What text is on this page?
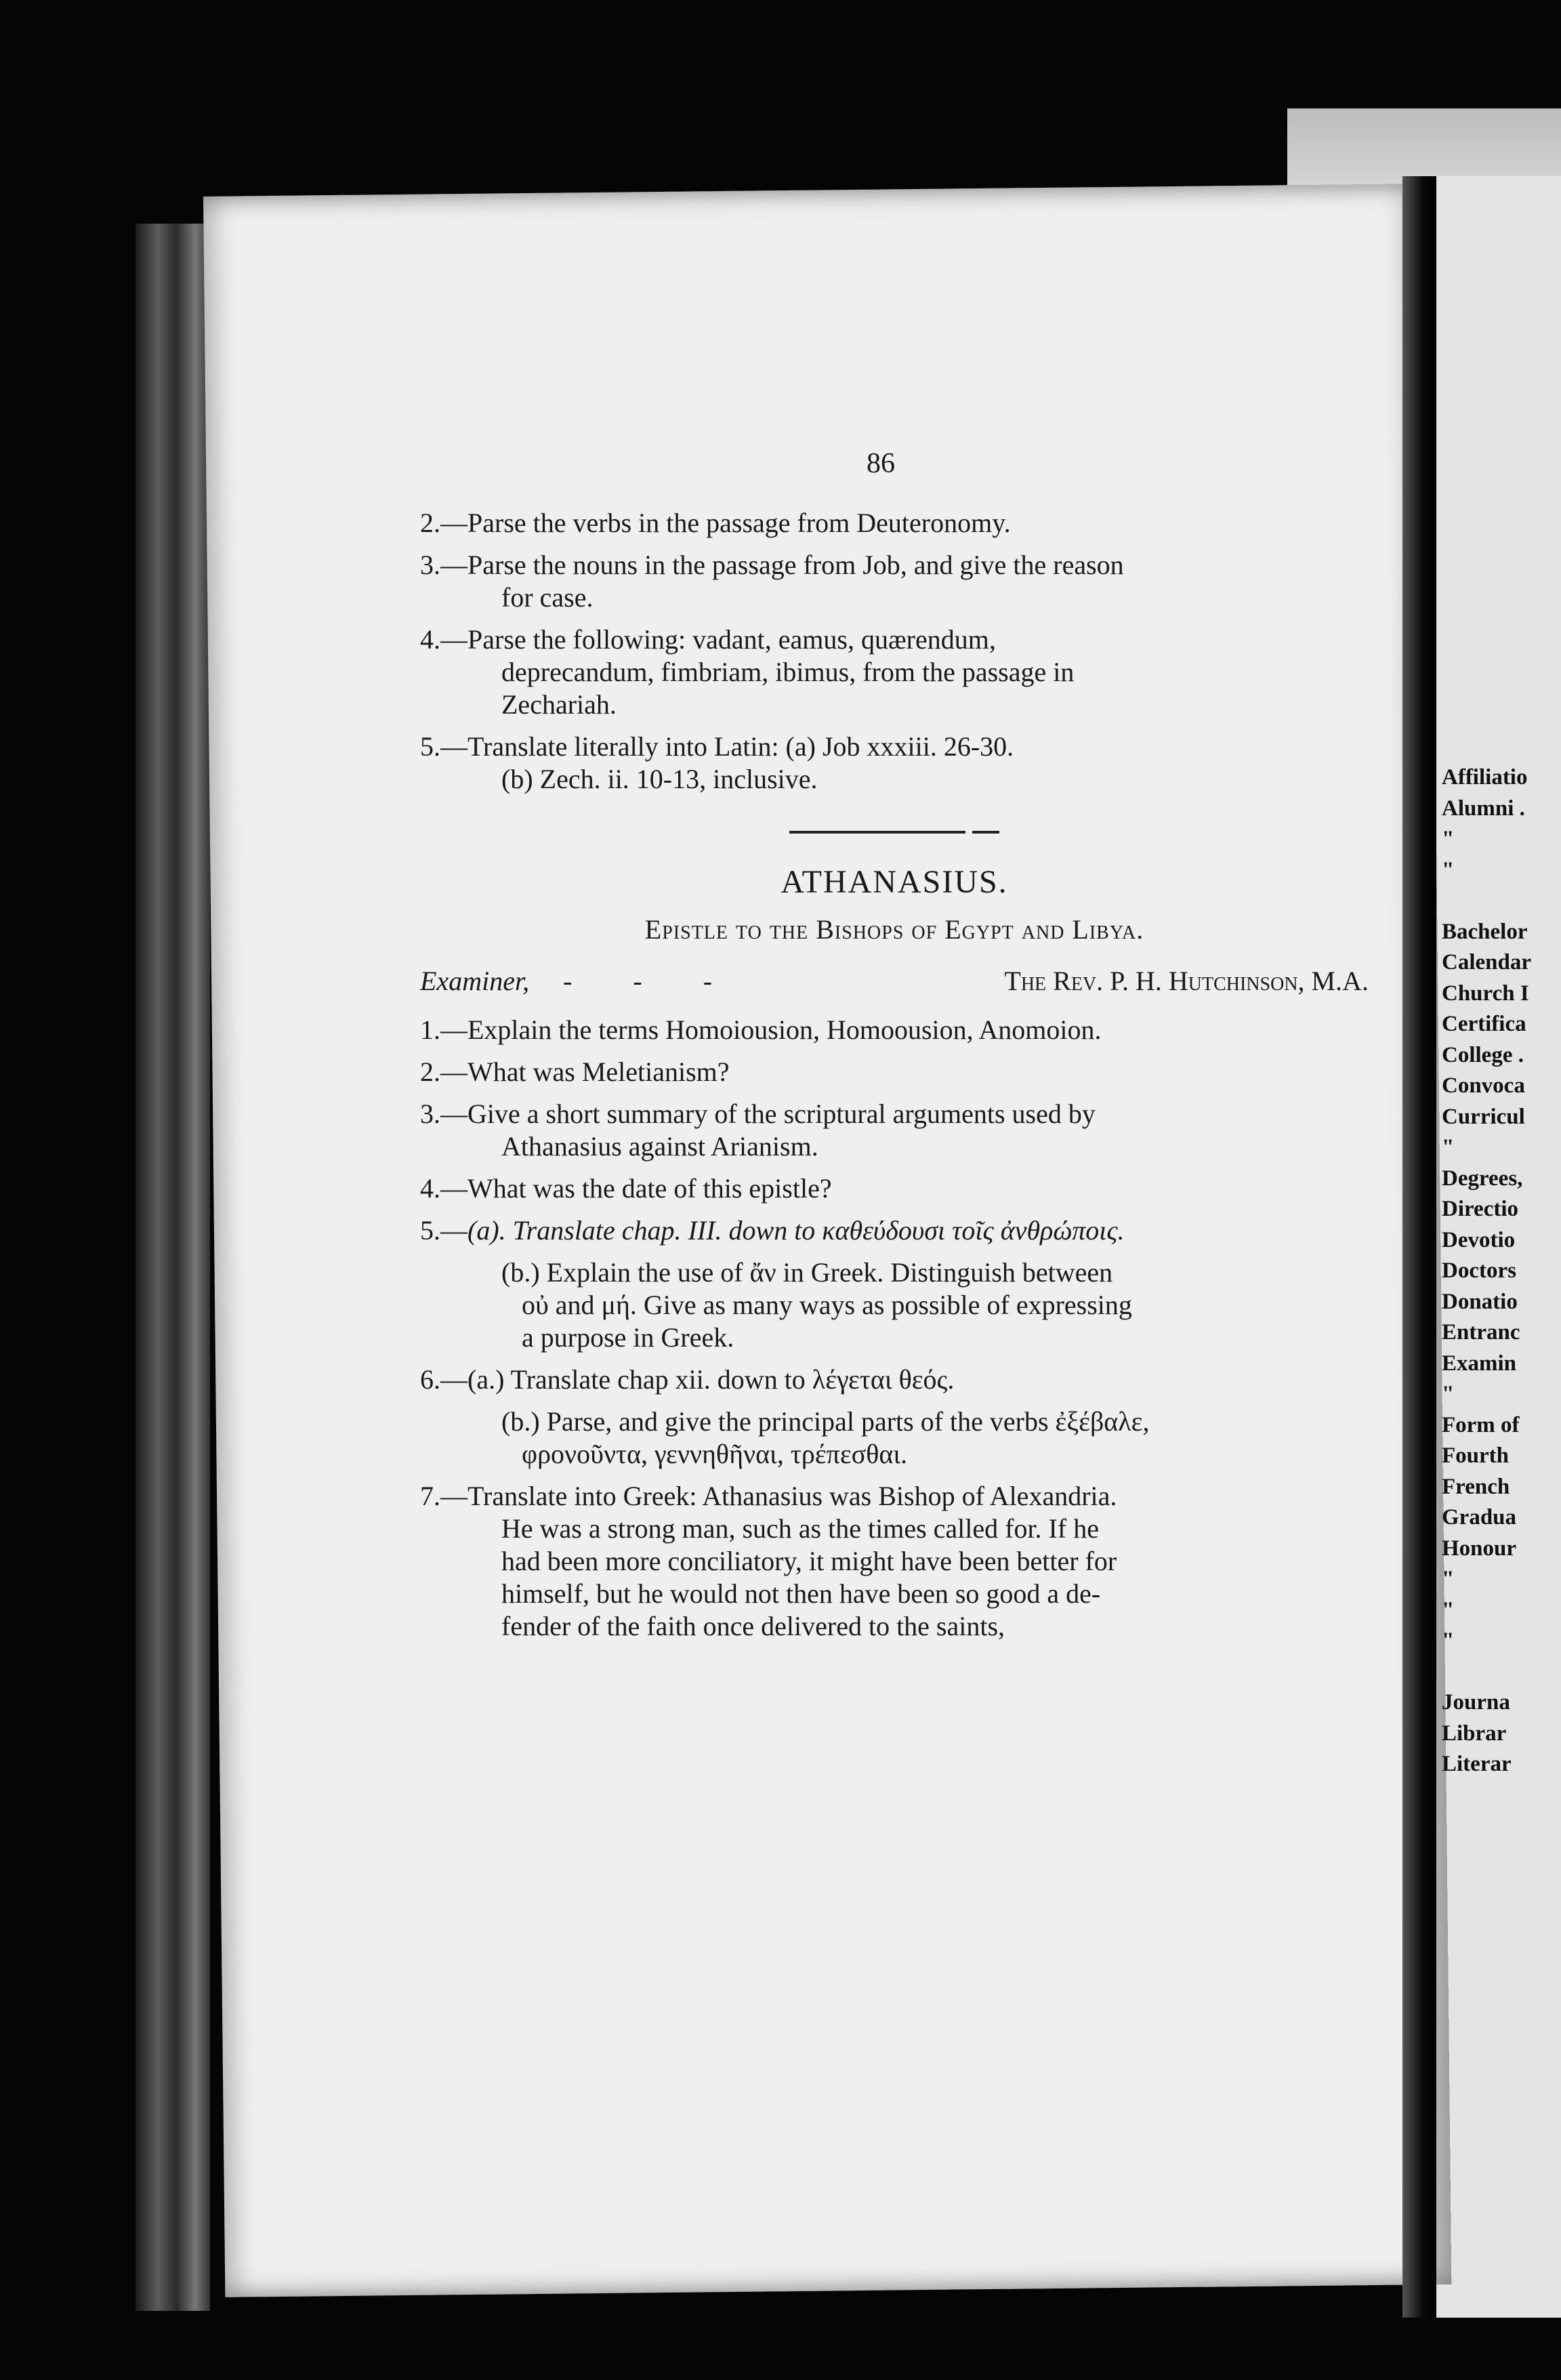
86
2.—Parse the verbs in the passage from Deuteronomy.
3.—Parse the nouns in the passage from Job, and give the reason
for case.
4.—Parse the following: vadant, eamus, quærendum,
deprecandum, fimbriam, ibimus, from the passage in
Zechariah.
5.—Translate literally into Latin: (a) Job xxxiii. 26-30.
(b) Zech. ii. 10-13, inclusive.
ATHANASIUS.
Epistle to the Bishops of Egypt and Libya.
Examiner, - - -	The Rev. P. H. Hutchinson, M.A.
1.—Explain the terms Homoiousion, Homoousion, Anomoion.
2.—What was Meletianism?
3.—Give a short summary of the scriptural arguments used by
Athanasius against Arianism.
4.—What was the date of this epistle?
5.—(a). Translate chap. III. down to καθεύδουσι τοῖς ἀνθρώποις.
(b.) Explain the use of ἄν in Greek. Distinguish between
οὐ and μή. Give as many ways as possible of expressing
a purpose in Greek.
6.—(a.) Translate chap xii. down to λέγεται θεός.
(b.) Parse, and give the principal parts of the verbs ἐξέβαλε,
φρονοῦντα, γεννηθῆναι, τρέπεσθαι.
7.—Translate into Greek: Athanasius was Bishop of Alexandria.
He was a strong man, such as the times called for. If he
had been more conciliatory, it might have been better for
himself, but he would not then have been so good a de-
fender of the faith once delivered to the saints,
Affiliatio
Alumni .
"
"

Bachelor
Calendar
Church I
Certifica
College .
Convoca
Curricul
"
Degrees,
Directio
Devotio
Doctors
Donatio
Entranc
Examin
"
Form of
Fourth
French
Gradua
Honour
"
"
"

Journa
Librar
Literar
